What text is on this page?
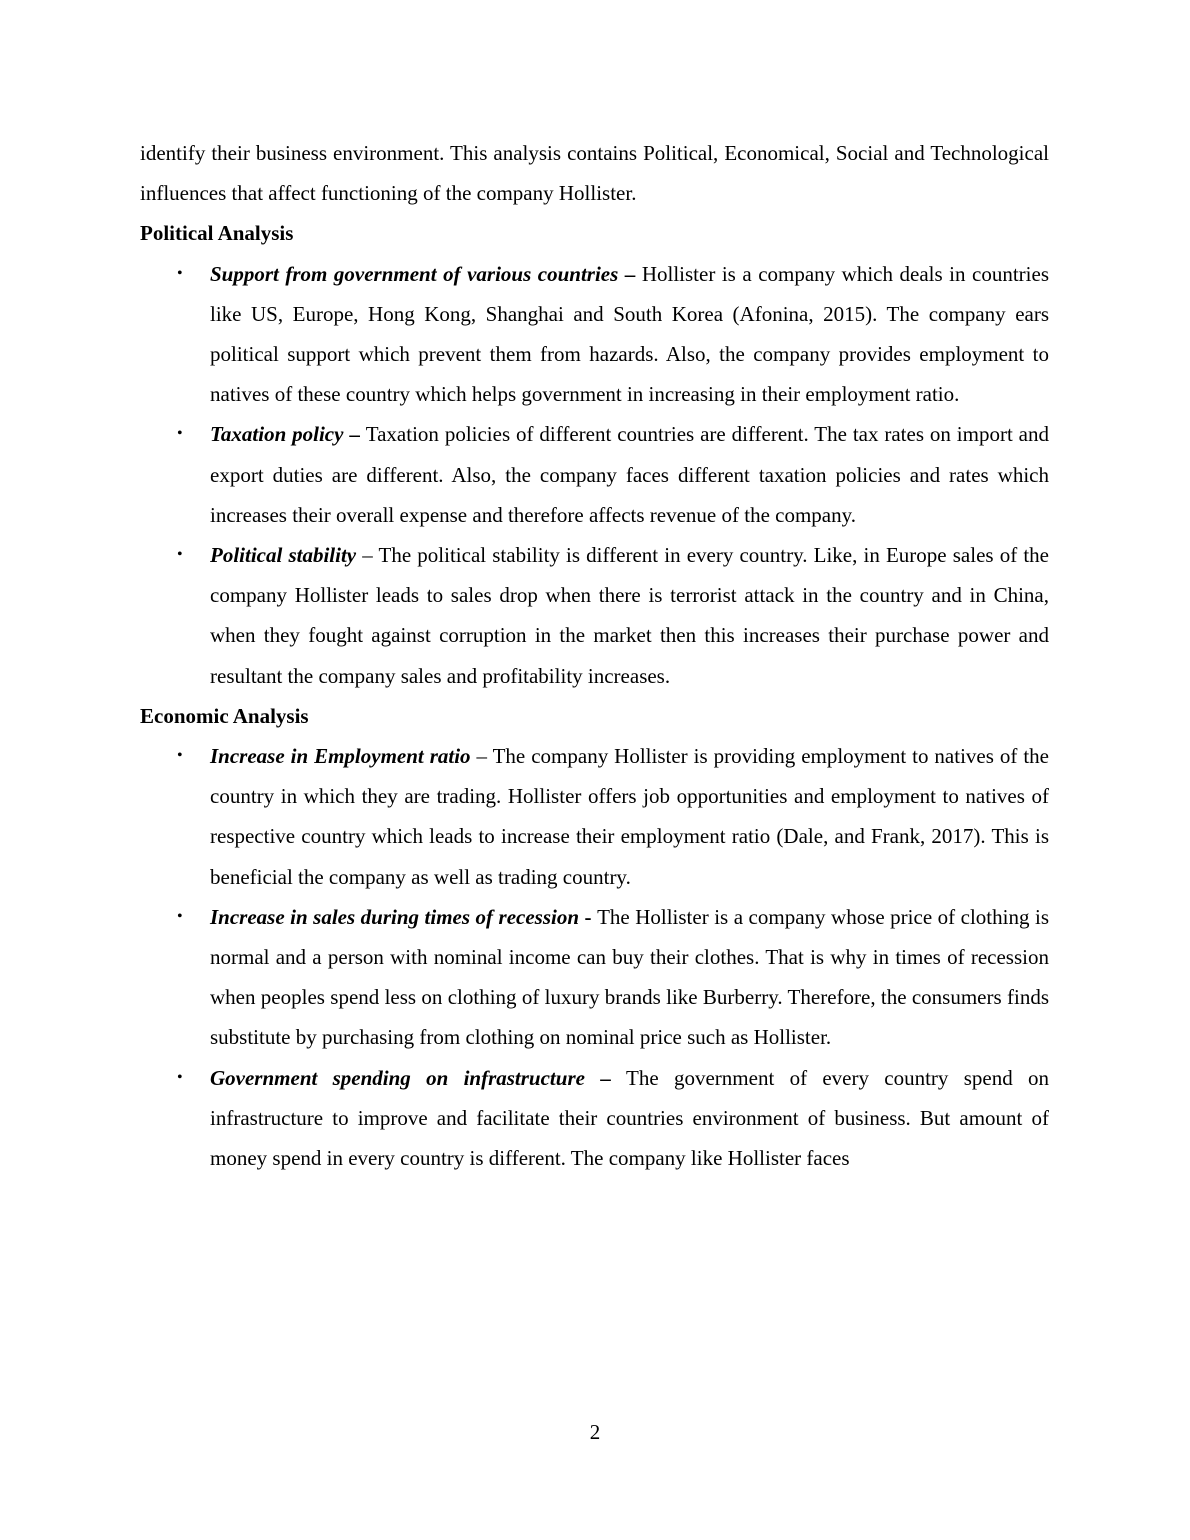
identify their business environment. This analysis contains Political, Economical, Social and Technological influences that affect functioning of the company Hollister.

Political Analysis

• Support from government of various countries – Hollister is a company which deals in countries like US, Europe, Hong Kong, Shanghai and South Korea (Afonina, 2015). The company ears political support which prevent them from hazards. Also, the company provides employment to natives of these country which helps government in increasing in their employment ratio.
• Taxation policy – Taxation policies of different countries are different. The tax rates on import and export duties are different. Also, the company faces different taxation policies and rates which increases their overall expense and therefore affects revenue of the company.
• Political stability – The political stability is different in every country. Like, in Europe sales of the company Hollister leads to sales drop when there is terrorist attack in the country and in China, when they fought against corruption in the market then this increases their purchase power and resultant the company sales and profitability increases.

Economic Analysis

• Increase in Employment ratio – The company Hollister is providing employment to natives of the country in which they are trading. Hollister offers job opportunities and employment to natives of respective country which leads to increase their employment ratio (Dale, and Frank, 2017). This is beneficial the company as well as trading country.
• Increase in sales during times of recession - The Hollister is a company whose price of clothing is normal and a person with nominal income can buy their clothes. That is why in times of recession when peoples spend less on clothing of luxury brands like Burberry. Therefore, the consumers finds substitute by purchasing from clothing on nominal price such as Hollister.
• Government spending on infrastructure – The government of every country spend on infrastructure to improve and facilitate their countries environment of business. But amount of money spend in every country is different. The company like Hollister faces
2
